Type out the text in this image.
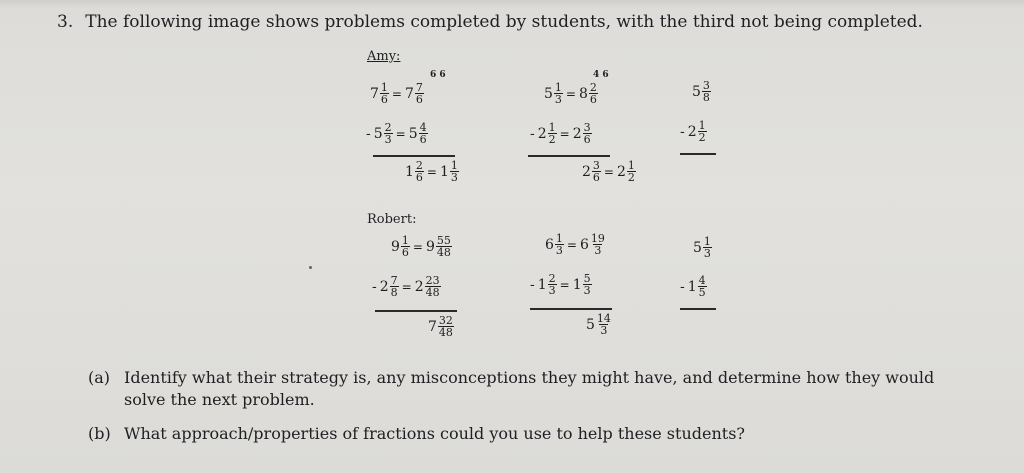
3. The following image shows problems completed by students, with the third not being completed.
Amy:
6 6
$7 \frac{1}{6} = 7 \frac{7}{6}$
- $5 \frac{2}{3} = 5 \frac{4}{6}$
$1 \frac{2}{6} = 1 \frac{1}{3}$
4 6
$5 \frac{1}{3} = 8 \frac{2}{6}$
- $2 \frac{1}{2} = 2 \frac{3}{6}$
$2 \frac{3}{6} = 2 \frac{1}{2}$
$5 \frac{3}{8}$
- $2 \frac{1}{2}$
Robert:
$9 \frac{1}{6} = 9 \frac{55}{48}$
- $2 \frac{7}{8} = 2 \frac{23}{48}$
$7 \frac{32}{48}$
$6 \frac{1}{3} = 6 \frac{19}{3}$
- $1 \frac{2}{3} = 1 \frac{5}{3}$
$5 \frac{14}{3}$
$5 \frac{1}{3}$
- $1 \frac{4}{5}$
(a) Identify what their strategy is, any misconceptions they might have, and determine how they would
solve the next problem.
(b) What approach/properties of fractions could you use to help these students?
